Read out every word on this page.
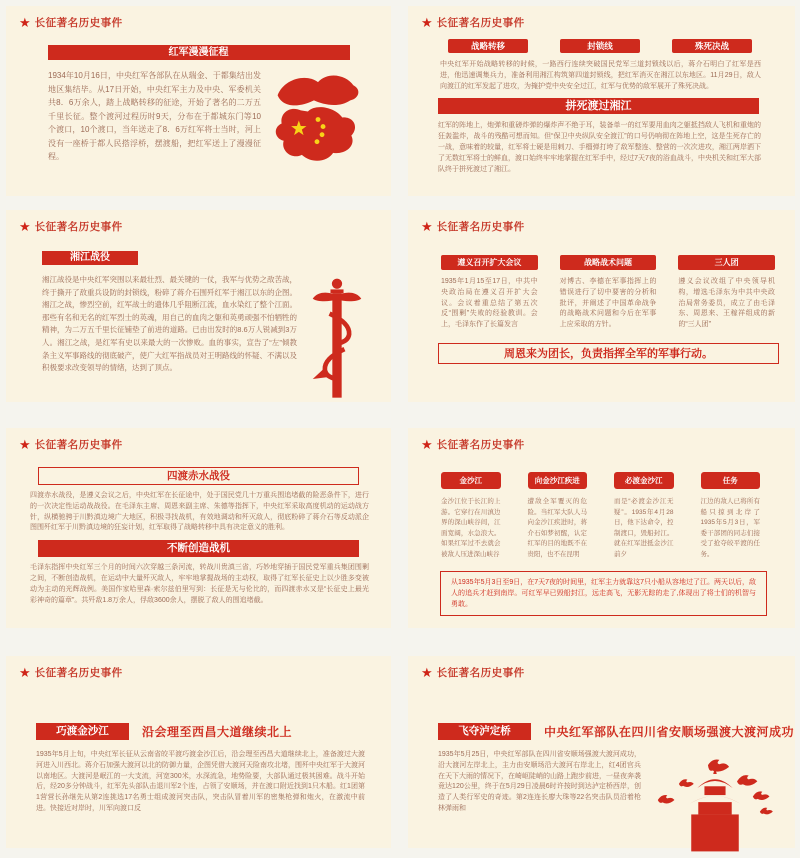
★ 长征著名历史事件
红军漫漫征程

1934年10月16日，中央红军各部队在从瑞金、于都集结出发地区集结毕。从17日开始，中央红军主力及中央、军委机关共8．6万余人，踏上战略转移的征途，开始了著名的二万五千里长征。整个渡河过程历时9天，分布在于都城东门等10个渡口，10个渡口，当年送走了8．6万红军将士当时，河上没有一座桥于都人民搭浮桥，摆渡船，把红军送上了漫漫征程。

★ 长征著名历史事件
战略转移	封锁线	殊死决战

中央红军开始战略转移的时候，一路西行连续突破国民党军三道封锁线以后，蒋介石明白了红军是西进，他迅速调集兵力，准备利用湘江构筑第四道封锁线，把红军消灭在湘江以东地区。11月29日，敌人向渡江的红军发起了进攻，为掩护党中央安全过江，红军与优势的敌军展开了殊死决战。

拼死渡过湘江

红军的阵地上，炮弹和重磅炸弹的爆炸声不绝于耳，装备单一的红军要用血肉之躯抵挡敌人飞机和重炮的狂轰滥炸，战斗的残酷可想而知。但“保卫中央纵队安全渡江”的口号仍响彻在阵地上空，这是生死存亡的一战，意味着的较量，红军将士硬是用刺刀、手榴弹打垮了敌军整连、整营的一次次进攻，湘江两岸洒下了无数红军将士的鲜血，渡口始终牢牢地掌握在红军手中，经过7天7夜的浴血战斗，中央机关和红军大部队终于拼死渡过了湘江。

★ 长征著名历史事件
湘江战役

湘江战役是中央红军突围以来最壮烈、最关键的一仗，我军与优势之敌苦战，终于撕开了敌重兵设防的封锁线，粉碎了蒋介石围歼红军于湘江以东的企图。湘江之战，惨烈空前，红军战士的遗体几乎阻断江流，血水染红了整个江面。那些有名和无名的红军烈士的英魂，用自己的血肉之躯和英勇顽强不怕牺牲的精神，为二万五千里长征铺垫了前进的道路。已由出发时的8.6万人锐减到3万人。湘江之战，是红军有史以来最大的一次惨败。血的事实，宣告了“左”倾教条主义军事路线的彻底破产，使广大红军指战员对王明路线的怀疑、不满以及积极要求改变领导的情绪，达到了顶点。

★ 长征著名历史事件
遵义召开扩大会议

1935年1月15至17日，中共中央政治局在遵义召开扩大会议。会议着重总结了第五次反“围剿”失败的经验教训。会上，毛泽东作了长篇发言

战略战术问题

对博古、李德在军事指挥上的错误进行了切中要害的分析和批评，并阐述了中国革命战争的战略战术问题和今后在军事上应采取的方针。

三人团

遵义会议改组了中央领导机构，增选毛泽东为中共中央政治局常务委员，成立了由毛泽东、周恩来、王稼祥组成的新的“三人团”

周恩来为团长，负责指挥全军的军事行动。
★ 长征著名历史事件
四渡赤水战役

四渡赤水战役，是遵义会议之后，中央红军在长征途中，处于国民党几十万重兵围追堵截的险恶条件下，进行的一次决定性运动战战役。在毛泽东主席、周恩来副主席、朱德等指挥下，中央红军采取高度机动的运动战方针，纵横驰骋于川黔滇边境广大地区，积极寻找战机，有效地调动和歼灭敌人，彻底粉碎了蒋介石等反动派企图围歼红军于川黔滇边境的狂妄计划，红军取得了战略转移中具有决定意义的胜利。

不断创造战机

毛泽东指挥中央红军三个月的时间六次穿越三条河流，转战川贵滇三省，巧妙地穿插于国民党军重兵集团围剿之间，不断创造战机，在运动中大量歼灭敌人，牢牢地掌握战场的主动权，取得了红军长征史上以少胜多变被动为主动的光辉战例。美国作家哈里森·索尔兹伯里写到：长征是无与伦比的，而四渡赤水又是“长征史上最光彩神奇的篇章”。共歼敌1.8万余人，俘敌3600余人，摆脱了敌人的围追堵截。

★ 长征著名历史事件
金沙江

金沙江位于长江的上游。它穿行在川滇边界的深山峡谷间，江面宽阔，水急浪大。如果红军过不去就会被敌人压进深山峡谷

向金沙江疾进

遭敌全军覆灭的危险。当红军大队人马向金沙江疾进时，蒋介石如梦初醒，认定红军的目的地既不在贵阳，也不在昆明

必渡金沙江

而是“必渡金沙江无疑”。1935年4月28日，他下达命令，控制渡口，毁船封江。就在红军进抵金沙江前夕

任务

江边的敌人已将所有船只掠到北岸了1935年5月3日，军委干部团的同志们接受了抢夺皎平渡的任务。

从1935年5月3日至9日，在7天7夜的时间里，红军主力就靠这7只小船从容地过了江。两天以后，敌人的追兵才赶到南岸。可红军早已毁船封江，远走高飞，无影无踪的走了,体现出了将士们的机智与勇敢。
★ 长征著名历史事件
巧渡金沙江	沿会理至西昌大道继续北上

1935年5月上旬，中央红军长征从云南省皎平渡巧渡金沙江后，沿会理至西昌大道继续北上，准备渡过大渡河进入川西北。蒋介石加强大渡河以北的防御力量，企图凭借大渡河天险南攻北堵，围歼中央红军于大渡河以南地区。大渡河是岷江的一大支流，河宽300米，水深流急，地势险要，大部队通过极其困难。战斗开始后，经20多分钟战斗，红军先头部队击退川军2个连，占领了安顺场，并在渡口附近找到1只木船。红1团第1营营长孙继先从第2连挑选17名勇士组成渡河突击队，突击队冒着川军的密集枪弹和炮火，在激流中前进。快接近对岸时，川军向渡口反

★ 长征著名历史事件
飞夺泸定桥	中央红军部队在四川省安顺场强渡大渡河成功

1935年5月25日，中央红军部队在四川省安顺场强渡大渡河成功，沿大渡河左岸北上，主力由安顺场沿大渡河右岸北上，红4团官兵在天下大雨的情况下，在崎岖陡峭的山路上跑步前进，一昼夜奔袭竟达120公里，终于在5月29日凌晨6时许按时到达泸定桥西岸，创造了人类行军史的奇迹。第2连连长廖大珠等22名突击队员沿着枪林弹雨和
